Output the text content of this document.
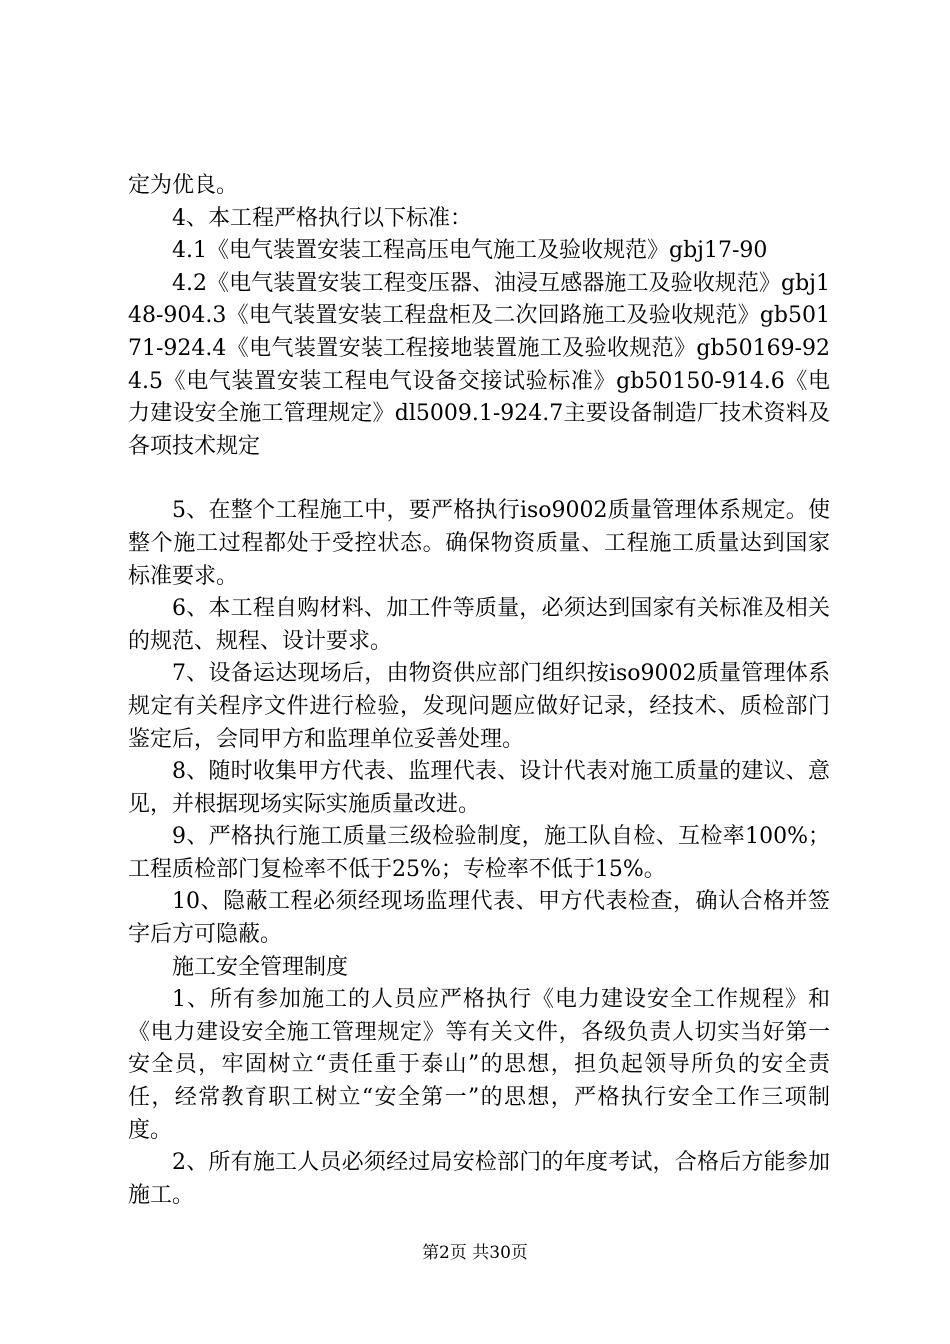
定为优良。

4、本工程严格执行以下标准：

4.1《电气装置安装工程高压电气施工及验收规范》gbj17-90

4.2《电气装置安装工程变压器、油浸互感器施工及验收规范》gbj148-904.3《电气装置安装工程盘柜及二次回路施工及验收规范》gb50171-924.4《电气装置安装工程接地装置施工及验收规范》gb50169-924.5《电气装置安装工程电气设备交接试验标准》gb50150-914.6《电力建设安全施工管理规定》dl5009.1-924.7主要设备制造厂技术资料及各项技术规定

5、在整个工程施工中，要严格执行iso9002质量管理体系规定。使整个施工过程都处于受控状态。确保物资质量、工程施工质量达到国家标准要求。

6、本工程自购材料、加工件等质量，必须达到国家有关标准及相关的规范、规程、设计要求。

7、设备运达现场后，由物资供应部门组织按iso9002质量管理体系规定有关程序文件进行检验，发现问题应做好记录，经技术、质检部门鉴定后，会同甲方和监理单位妥善处理。

8、随时收集甲方代表、监理代表、设计代表对施工质量的建议、意见，并根据现场实际实施质量改进。

9、严格执行施工质量三级检验制度，施工队自检、互检率100%；工程质检部门复检率不低于25%；专检率不低于15%。

10、隐蔽工程必须经现场监理代表、甲方代表检查，确认合格并签字后方可隐蔽。

施工安全管理制度

1、所有参加施工的人员应严格执行《电力建设安全工作规程》和《电力建设安全施工管理规定》等有关文件，各级负责人切实当好第一安全员，牢固树立“责任重于泰山”的思想，担负起领导所负的安全责任，经常教育职工树立“安全第一”的思想，严格执行安全工作三项制度。

2、所有施工人员必须经过局安检部门的年度考试，合格后方能参加施工。

第2页 共30页
